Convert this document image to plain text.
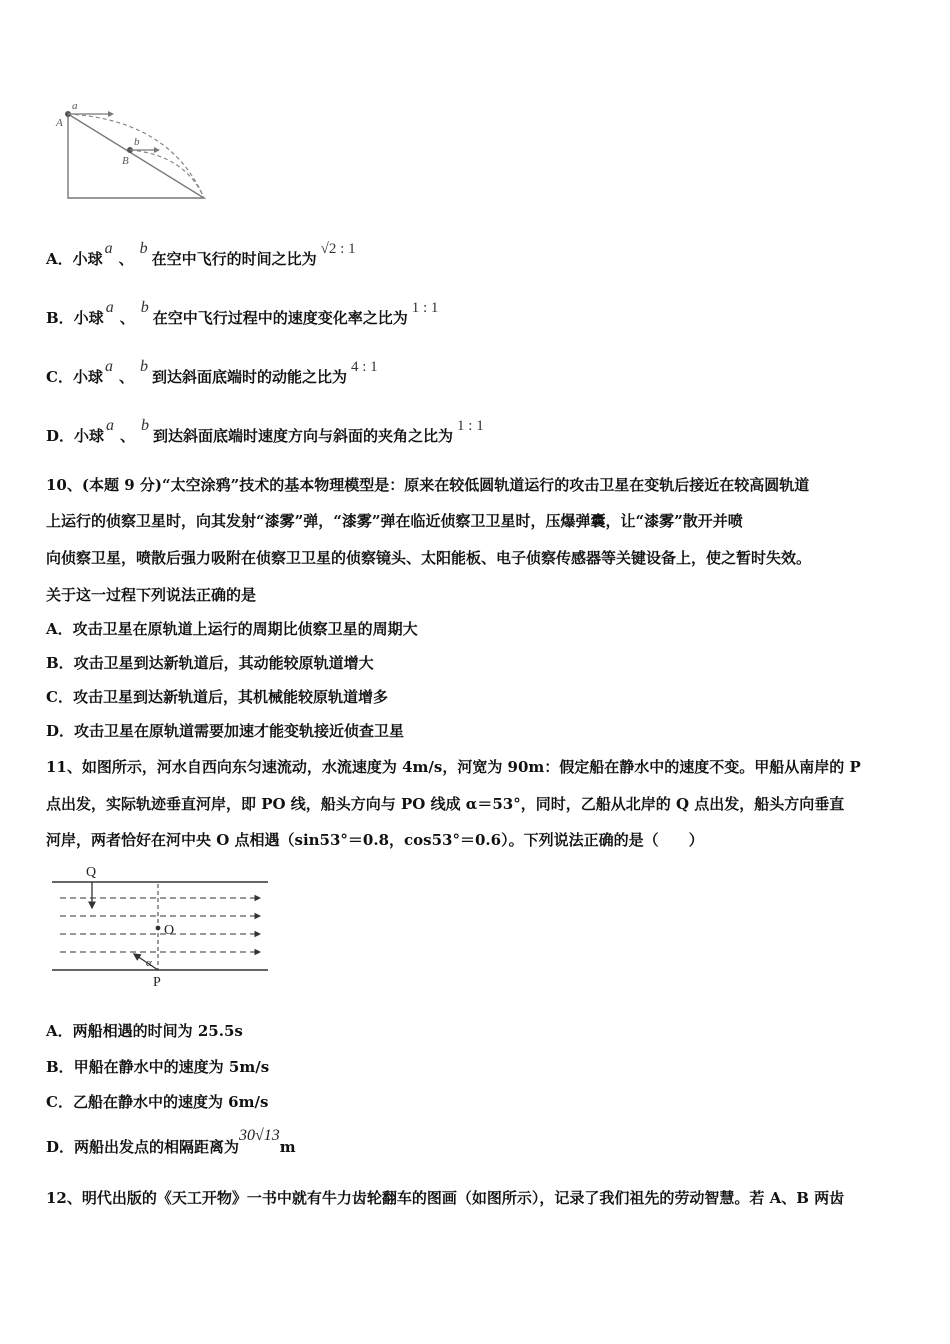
a
A
b
B
A．小球a、b在空中飞行的时间之比为√2 : 1
B．小球a、b在空中飞行过程中的速度变化率之比为1 : 1
C．小球a、b到达斜面底端时的动能之比为4 : 1
D．小球a、b到达斜面底端时速度方向与斜面的夹角之比为1 : 1
10、(本题 9 分)“太空涂鸦”技术的基本物理模型是：原来在较低圆轨道运行的攻击卫星在变轨后接近在较高圆轨道
上运行的侦察卫星时，向其发射“漆雾”弹，“漆雾”弹在临近侦察卫卫星时，压爆弹囊，让“漆雾”散开并喷
向侦察卫星，喷散后强力吸附在侦察卫卫星的侦察镜头、太阳能板、电子侦察传感器等关键设备上，使之暂时失效。
关于这一过程下列说法正确的是
A．攻击卫星在原轨道上运行的周期比侦察卫星的周期大
B．攻击卫星到达新轨道后，其动能较原轨道增大
C．攻击卫星到达新轨道后，其机械能较原轨道增多
D．攻击卫星在原轨道需要加速才能变轨接近侦查卫星
11、如图所示，河水自西向东匀速流动，水流速度为 4m/s，河宽为 90m：假定船在静水中的速度不变。甲船从南岸的 P
点出发，实际轨迹垂直河岸，即 PO 线，船头方向与 PO 线成 α＝53°，同时，乙船从北岸的 Q 点出发，船头方向垂直
河岸，两者恰好在河中央 O 点相遇（sin53°＝0.8，cos53°＝0.6）。下列说法正确的是（　　）
Q
O
P
α
A．两船相遇的时间为 25.5s
B．甲船在静水中的速度为 5m/s
C．乙船在静水中的速度为 6m/s
D．两船出发点的相隔距离为30√13m
12、明代出版的《天工开物》一书中就有牛力齿轮翻车的图画（如图所示），记录了我们祖先的劳动智慧。若 A、B 两齿
